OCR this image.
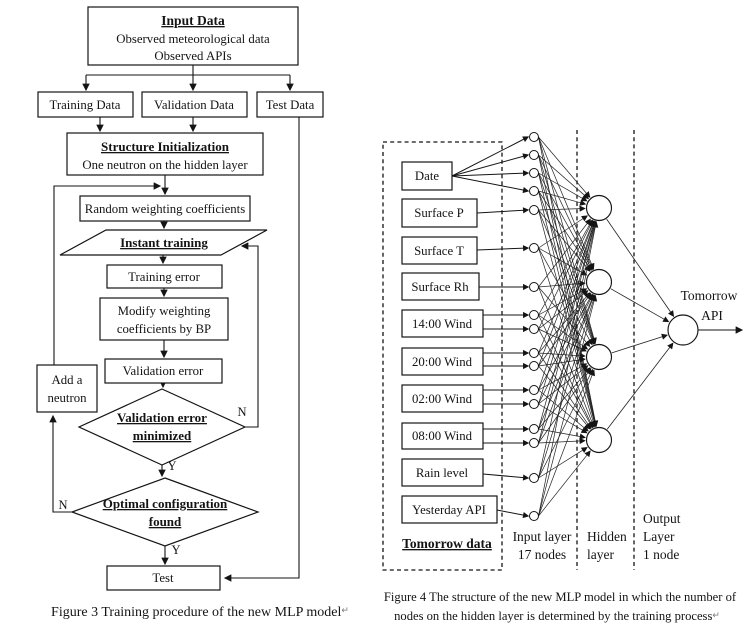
Input Data
Observed meteorological data
Observed APIs
Training Data	Validation Data Test Data
Structure Initialization
One neutron on the hidden layer
Random weighting coefficients
Instant training
Training error
Modify weighting
coefficients by BP
Validation error
Add a
neutron
Validation error
minimized
N
Y
Optimal configuration
found
N
Y
Test
Figure 3 Training procedure of the new MLP model↵
Date
Surface P
Surface T
Surface Rh
14:00 Wind
20:00 Wind
02:00 Wind
08:00 Wind
Rain level
Yesterday API
Tomorrow data Input layer
17 nodes
Hidden
layer
Output
Layer
1 node
Tomorrow
API
Figure 4 The structure of the new MLP model in which the number of
nodes on the hidden layer is determined by the training process↵
